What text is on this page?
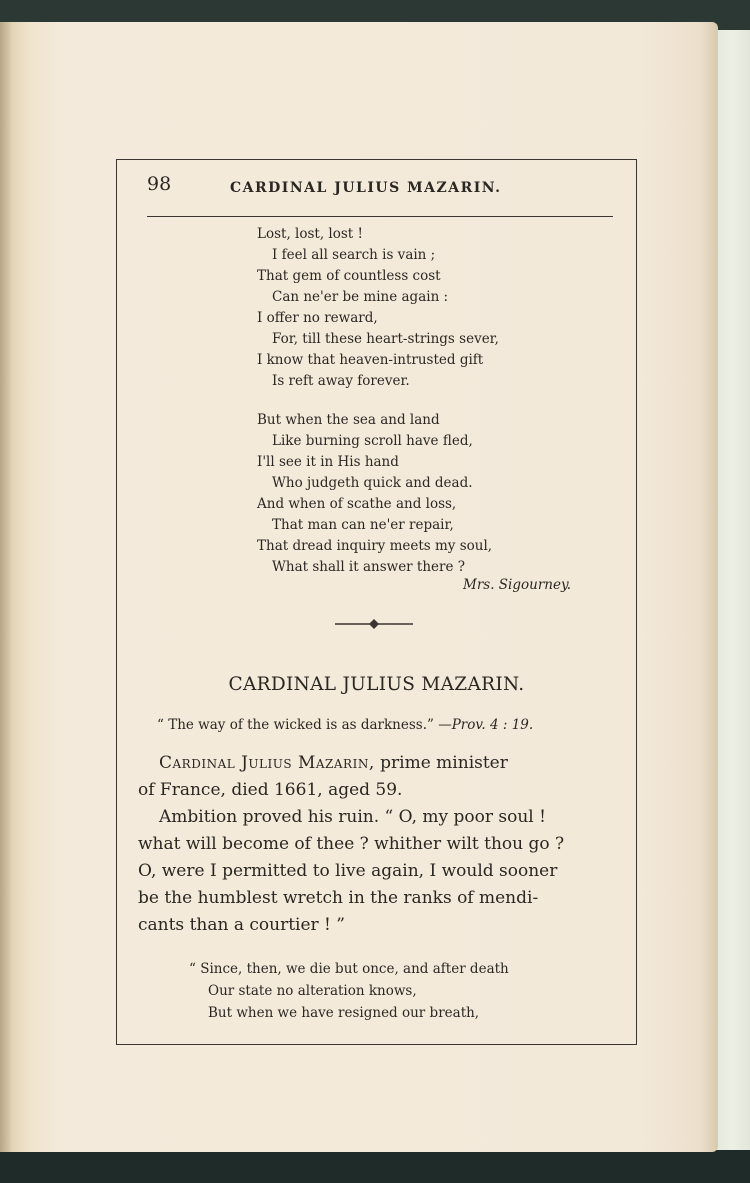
98	CARDINAL JULIUS MAZARIN.
Lost, lost, lost !
I feel all search is vain ;
That gem of countless cost
Can ne'er be mine again :
I offer no reward,
For, till these heart-strings sever,
I know that heaven-intrusted gift
Is reft away forever.
But when the sea and land
Like burning scroll have fled,
I'll see it in His hand
Who judgeth quick and dead.
And when of scathe and loss,
That man can ne'er repair,
That dread inquiry meets my soul,
What shall it answer there ?
Mrs. Sigourney.
CARDINAL JULIUS MAZARIN.
“ The way of the wicked is as darkness.” —Prov. 4 : 19.
Cardinal Julius Mazarin, prime minister
of France, died 1661, aged 59.
Ambition proved his ruin. “ O, my poor soul !
what will become of thee ? whither wilt thou go ?
O, were I permitted to live again, I would sooner
be the humblest wretch in the ranks of mendi-
cants than a courtier ! ”
“ Since, then, we die but once, and after death
Our state no alteration knows,
But when we have resigned our breath,
